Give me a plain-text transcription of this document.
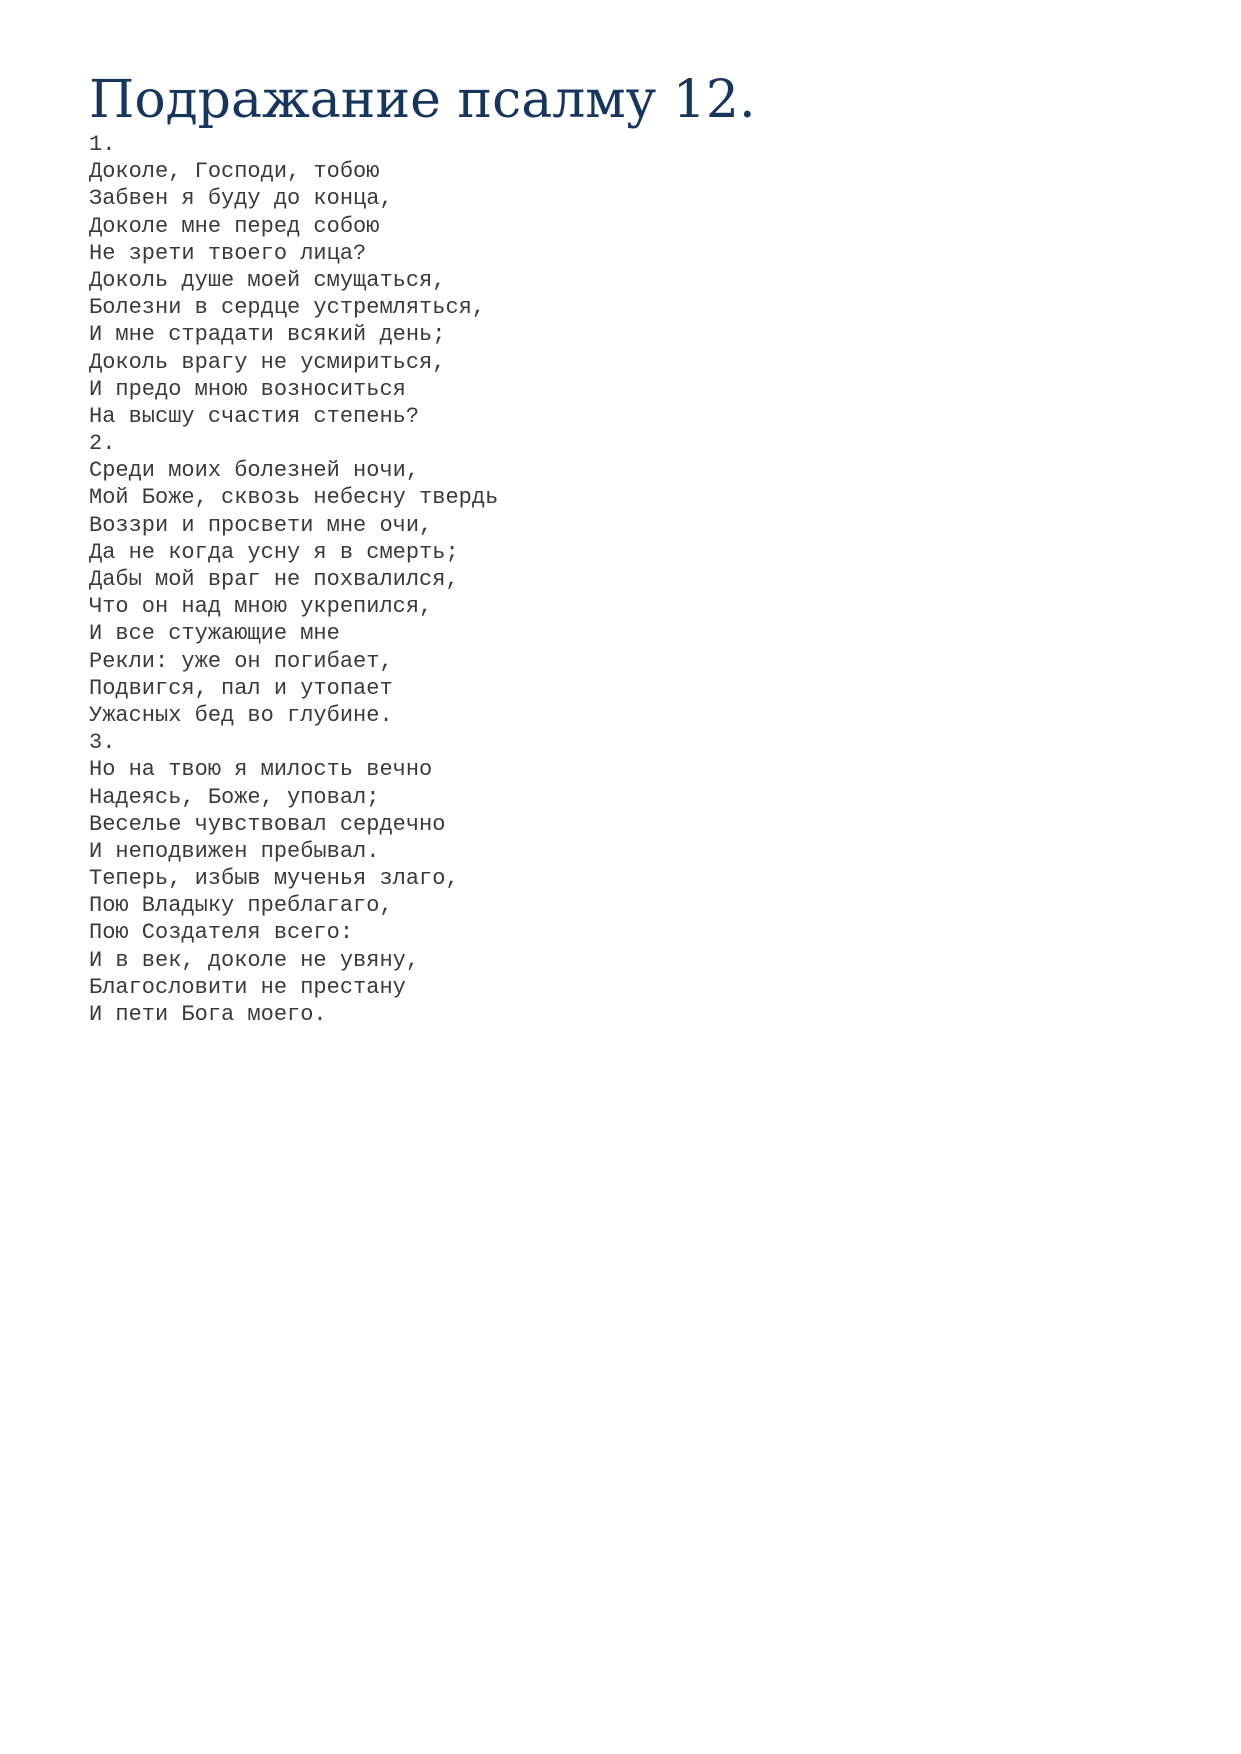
Подражание псалму 12.
1.
Доколе, Господи, тобою
Забвен я буду до конца,
Доколе мне перед собою
Не зрети твоего лица?
Доколь душе моей смущаться,
Болезни в сердце устремляться,
И мне страдати всякий день;
Доколь врагу не усмириться,
И предо мною возноситься
На высшу счастия степень?
2.
Среди моих болезней ночи,
Мой Боже, сквозь небесну твердь
Воззри и просвети мне очи,
Да не когда усну я в смерть;
Дабы мой враг не похвалился,
Что он над мною укрепился,
И все стужающие мне
Рекли: уже он погибает,
Подвигся, пал и утопает
Ужасных бед во глубине.
3.
Но на твою я милость вечно
Надеясь, Боже, уповал;
Веселье чувствовал сердечно
И неподвижен пребывал.
Теперь, избыв мученья злаго,
Пою Владыку преблагаго,
Пою Создателя всего:
И в век, доколе не увяну,
Благословити не престану
И пети Бога моего.
